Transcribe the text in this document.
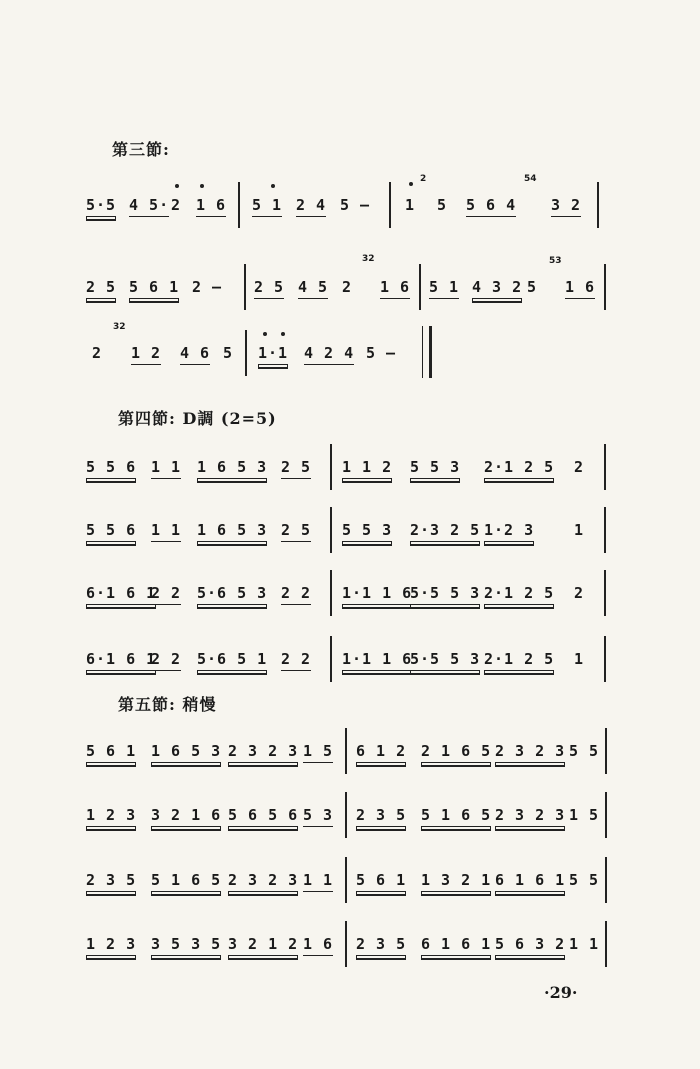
第三節:
5·5 4 5· 2 1 6 5 1 2 4 5 —
2
1 5 5 6 4
54
3 2
2 5 5 6 1 2 — 2 5 4 5 2
32
1 6 5 1 4 3 2 5
53
1 6
2
32
1 2 4 6 5 1·1 4 2 4 5 —
第四節: D調 (2=5)
5 5 6 1 1 1 6 5 3 2 5 1 1 2 5 5 3 2·1 2 5 2
5 5 6 1 1 1 6 5 3 2 5 5 5 3 2·3 2 5 1·2 3	1
6·1 6 1
2 2 5·6 5 3 2 2 1·1 1 6
5·5 5 3 2·1 2 5 2
6·1 6 1
2 2 5·6 5 1 2 2 1·1 1 6
5·5 5 3 2·1 2 5 1
第五節: 稍慢
5 6 1 1 6 5 3 2 3 2 3 1 5 6 1 2 2 1 6 5 2 3 2 3 5 5
1 2 3 3 2 1 6 5 6 5 6 5 3 2 3 5 5 1 6 5 2 3 2 3 1 5
2 3 5 5 1 6 5 2 3 2 3 1 1 5 6 1 1 3 2 1 6 1 6 1 5 5
1 2 3 3 5 3 5 3 2 1 2 1 6 2 3 5 6 1 6 1 5 6 3 2 1 1
·29·
